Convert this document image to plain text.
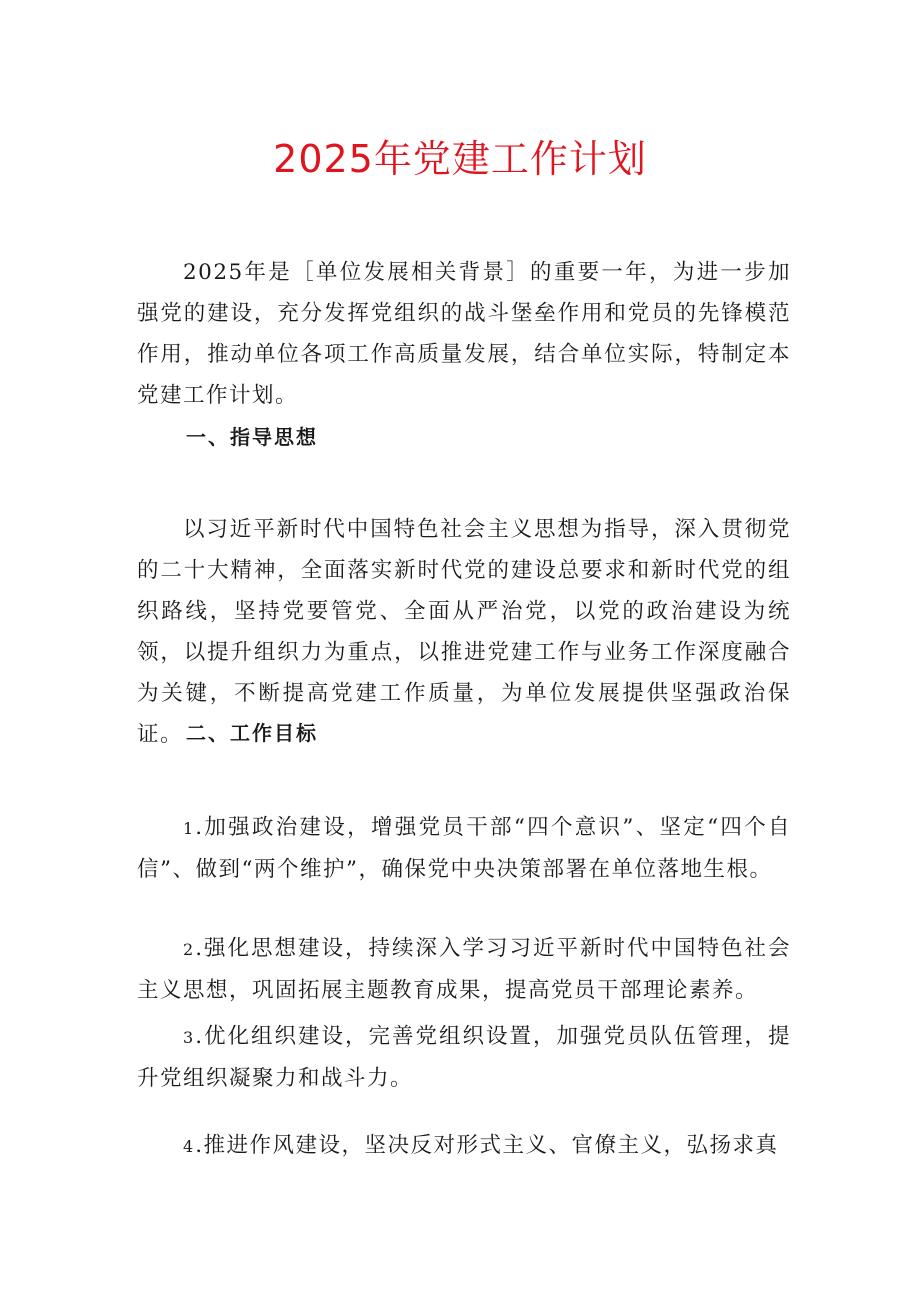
2025年党建工作计划

2025年是［单位发展相关背景］的重要一年，为进一步加强党的建设，充分发挥党组织的战斗堡垒作用和党员的先锋模范作用，推动单位各项工作高质量发展，结合单位实际，特制定本党建工作计划。

一、指导思想

以习近平新时代中国特色社会主义思想为指导，深入贯彻党的二十大精神，全面落实新时代党的建设总要求和新时代党的组织路线，坚持党要管党、全面从严治党，以党的政治建设为统领，以提升组织力为重点，以推进党建工作与业务工作深度融合为关键，不断提高党建工作质量，为单位发展提供坚强政治保证。 二、工作目标

1.加强政治建设，增强党员干部“四个意识”、坚定“四个自信”、做到“两个维护”，确保党中央决策部署在单位落地生根。

2.强化思想建设，持续深入学习习近平新时代中国特色社会主义思想，巩固拓展主题教育成果，提高党员干部理论素养。

3.优化组织建设，完善党组织设置，加强党员队伍管理，提升党组织凝聚力和战斗力。

4.推进作风建设，坚决反对形式主义、官僚主义，弘扬求真
